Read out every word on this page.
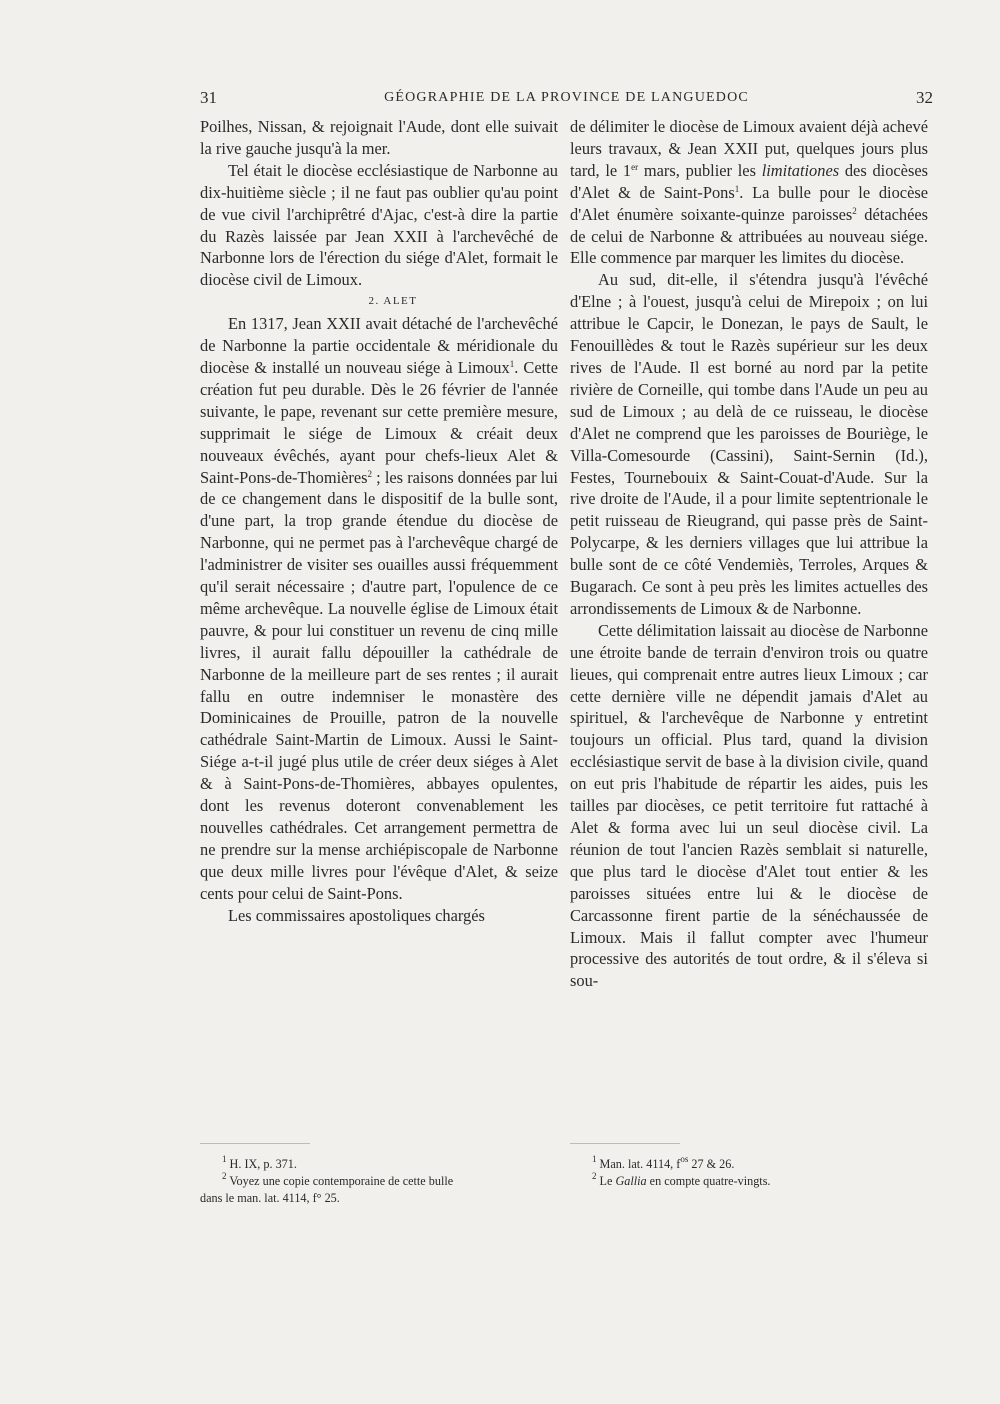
31	GÉOGRAPHIE DE LA PROVINCE DE LANGUEDOC	32

Poilhes, Nissan, & rejoignait l'Aude, dont elle suivait la rive gauche jusqu'à la mer.

Tel était le diocèse ecclésiastique de Narbonne au dix-huitième siècle ; il ne faut pas oublier qu'au point de vue civil l'archiprêtré d'Ajac, c'est-à dire la partie du Razès laissée par Jean XXII à l'archevêché de Narbonne lors de l'érection du siége d'Alet, formait le diocèse civil de Limoux.

2. ALET

En 1317, Jean XXII avait détaché de l'archevêché de Narbonne la partie occidentale & méridionale du diocèse & installé un nouveau siége à Limoux$^1$. Cette création fut peu durable. Dès le 26 février de l'année suivante, le pape, revenant sur cette première mesure, supprimait le siége de Limoux & créait deux nouveaux évêchés, ayant pour chefs-lieux Alet & Saint-Pons-de-Thomières$^2$ ; les raisons données par lui de ce changement dans le dispositif de la bulle sont, d'une part, la trop grande étendue du diocèse de Narbonne, qui ne permet pas à l'archevêque chargé de l'administrer de visiter ses ouailles aussi fréquemment qu'il serait nécessaire ; d'autre part, l'opulence de ce même archevêque. La nouvelle église de Limoux était pauvre, & pour lui constituer un revenu de cinq mille livres, il aurait fallu dépouiller la cathédrale de Narbonne de la meilleure part de ses rentes ; il aurait fallu en outre indemniser le monastère des Dominicaines de Prouille, patron de la nouvelle cathédrale Saint-Martin de Limoux. Aussi le Saint-Siége a-t-il jugé plus utile de créer deux siéges à Alet & à Saint-Pons-de-Thomières, abbayes opulentes, dont les revenus doteront convenablement les nouvelles cathédrales. Cet arrangement permettra de ne prendre sur la mense archiépiscopale de Narbonne que deux mille livres pour l'évêque d'Alet, & seize cents pour celui de Saint-Pons.

Les commissaires apostoliques chargés

de délimiter le diocèse de Limoux avaient déjà achevé leurs travaux, & Jean XXII put, quelques jours plus tard, le 1er mars, publier les limitationes des diocèses d'Alet & de Saint-Pons$^1$. La bulle pour le diocèse d'Alet énumère soixante-quinze paroisses$^2$ détachées de celui de Narbonne & attribuées au nouveau siége. Elle commence par marquer les limites du diocèse.

Au sud, dit-elle, il s'étendra jusqu'à l'évêché d'Elne ; à l'ouest, jusqu'à celui de Mirepoix ; on lui attribue le Capcir, le Donezan, le pays de Sault, le Fenouillèdes & tout le Razès supérieur sur les deux rives de l'Aude. Il est borné au nord par la petite rivière de Corneille, qui tombe dans l'Aude un peu au sud de Limoux ; au delà de ce ruisseau, le diocèse d'Alet ne comprend que les paroisses de Bouriège, le Villa-Comesourde (Cassini), Saint-Sernin (Id.), Festes, Tournebouix & Saint-Couat-d'Aude. Sur la rive droite de l'Aude, il a pour limite septentrionale le petit ruisseau de Rieugrand, qui passe près de Saint-Polycarpe, & les derniers villages que lui attribue la bulle sont de ce côté Vendemiès, Terroles, Arques & Bugarach. Ce sont à peu près les limites actuelles des arrondissements de Limoux & de Narbonne.

Cette délimitation laissait au diocèse de Narbonne une étroite bande de terrain d'environ trois ou quatre lieues, qui comprenait entre autres lieux Limoux ; car cette dernière ville ne dépendit jamais d'Alet au spirituel, & l'archevêque de Narbonne y entretint toujours un official. Plus tard, quand la division ecclésiastique servit de base à la division civile, quand on eut pris l'habitude de répartir les aides, puis les tailles par diocèses, ce petit territoire fut rattaché à Alet & forma avec lui un seul diocèse civil. La réunion de tout l'ancien Razès semblait si naturelle, que plus tard le diocèse d'Alet tout entier & les paroisses situées entre lui & le diocèse de Carcassonne firent partie de la sénéchaussée de Limoux. Mais il fallut compter avec l'humeur processive des autorités de tout ordre, & il s'éleva si sou-

$^1$ H. IX, p. 371.

$^2$ Voyez une copie contemporaine de cette bulle

dans le man. lat. 4114, f° 25.

$^1$ Man. lat. 4114, $f^{os}$ 27 & 26.

$^2$ Le Gallia en compte quatre-vingts.
